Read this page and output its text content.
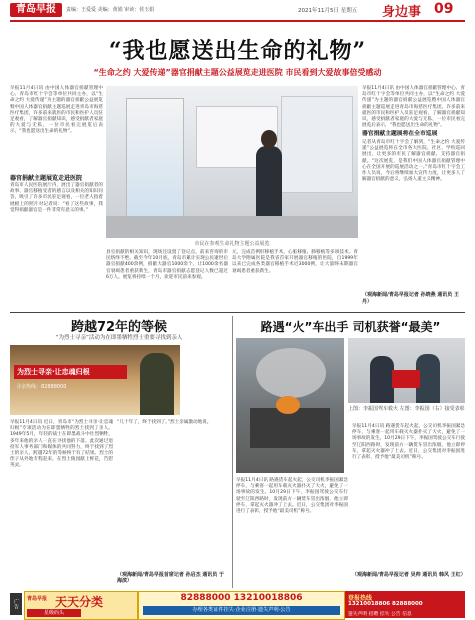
青岛早报	责编：王爱爱 美编：黄娟 审读：侯玉娟	2021年11月5日 星期五 身边事 09
“我也愿送出生命的礼物”
“生命之约 大爱传递”器官捐献主题公益展览走进医院 市民看到大爱故事倍受感动
早报11月4日讯 由中国人体器官捐献管理中心、青岛市红十字会等单位共同主办，以“生命之约 大爱传递”为主题的器官捐献公益展览暨中国人体器官捐献主题巡展走进青岛市海慈医疗集团，许多前来就医的市民和医护人员驻足观看，了解器官捐献知识，感受捐献者家庭的大爱与无私，一位市民看完展览后表示，“我也愿送出生命的礼物”。
器官捐献主题展览走进医院
青岛市人民医院展厅内，展出了器官捐献者的故事、器官移植受者的感言以及相关的知识问答，吸引了许多市民驻足观看，一位老人指着展板上的照片对记者说：“看了这些故事，我觉得捐献器官是一件非常有意义的事。”
市民在参观生命礼物主题公益展览
县官捐献的相关知识，现场还设置了登记点，前来咨询的市民络绎不绝。截至今年10月底，青岛市累计实现公民逝世后器官捐献400余例，捐献大器官1000余个，让1000余名器官衰竭患者重获新生，青岛市器官捐献志愿登记人数已超过6万人。展览将持续一个月，欢迎市民前来参观。
元，完成首例肝移植手术，心脏移植、肺移植等多项技术。青岛大学附属医院是我省首家开展器官移植的医院，自1999年以来已完成各类器官移植手术近3000例，让大量终末期器官衰竭患者重获新生。
早报11月4日讯 由中国人体器官捐献管理中心、青岛市红十字会等单位共同主办，以“生命之约 大爱传递”为主题的器官捐献公益展览暨中国人体器官捐献主题巡展走进青岛市海慈医疗集团，许多前来就医的市民和医护人员驻足观看，了解器官捐献知识，感受捐献者家庭的大爱与无私，一位市民看完展览后表示，“我也愿送出生命的礼物”。
器官捐献主题展将在全市巡展
记者从青岛市红十字会了解到，“生命之约 大爱传递”公益展览将在全市各大医院、社区、学校巡回展出，让更多的市民了解器官捐献、支持器官捐献。“这次展览，是我们中国人体器官捐献管理中心在全国开展的巡展活动之一。”青岛市红十字会工作人员说，今后将继续加大宣传力度，让更多人了解器官捐献的意义，弘扬人道主义精神。
（观海新闻/青岛早报记者 孙晓燕 通讯员 王丹）
跨越72年的等候
“为烈士寻亲”活动为在即墨牺牲烈士重要寻找到亲人
为烈士寻亲·让忠魂归根
寻亲热线：82888000
早报11月4日讯 近日，青岛市“为烈士寻亲·让忠魂归根”专项活动为在即墨牺牲的烈士找到了亲人。1949年5月，年轻的战士在即墨战斗中壮烈牺牲，多年来他的亲人一直在寻找他的下落。此次通过退役军人事务部门和媒体的共同努力，终于找到了烈士的亲人，跨越72年的等候终于有了结果。烈士的侄子从外地专程赶来，在烈士陵园献上鲜花，告慰英灵。
“几十年了，终于找到了。”烈士亲属激动地说。
（观海新闻/青岛早报首席记者 孙启杰 通讯员 于海滨）
路遇“火”车出手 司机获誉“最美”
上图：李振国驾车救火 左图：李振国（右）接受表彰
早报11月4日讯 路遇货车起火起，公交司机李振国紧急停车，与乘客一起用车载灭火器扑灭了大火，避免了一场事故的发生。10月29日下午，李振国驾驶公交车行驶至辽阳西路时，发现前方一辆货车冒出浓烟，他立即停车，拿起灭火器冲了上去。近日，公交集团对李振国进行了表彰，授予他“最美司机”称号。
早报11月4日讯 路遇货车起火起，公交司机李振国紧急停车，与乘客一起用车载灭火器扑灭了大火，避免了一场事故的发生。10月29日下午，李振国驾驶公交车行驶至辽阳西路时，发现前方一辆货车冒出浓烟，他立即停车，拿起灭火器冲了上去。近日，公交集团对李振国进行了表彰，授予他“最美司机”称号。
（观海新闻/青岛早报记者 吴帅 通讯员 韩风 王红）
广告	青岛早报 天天分类
星级码头
82888000 13210018806
办理各类证件挂失·企业注册·遗失声明·公告
登报热线
13210018806 82888000
遗失声明 招聘 挂失 公告 信息
